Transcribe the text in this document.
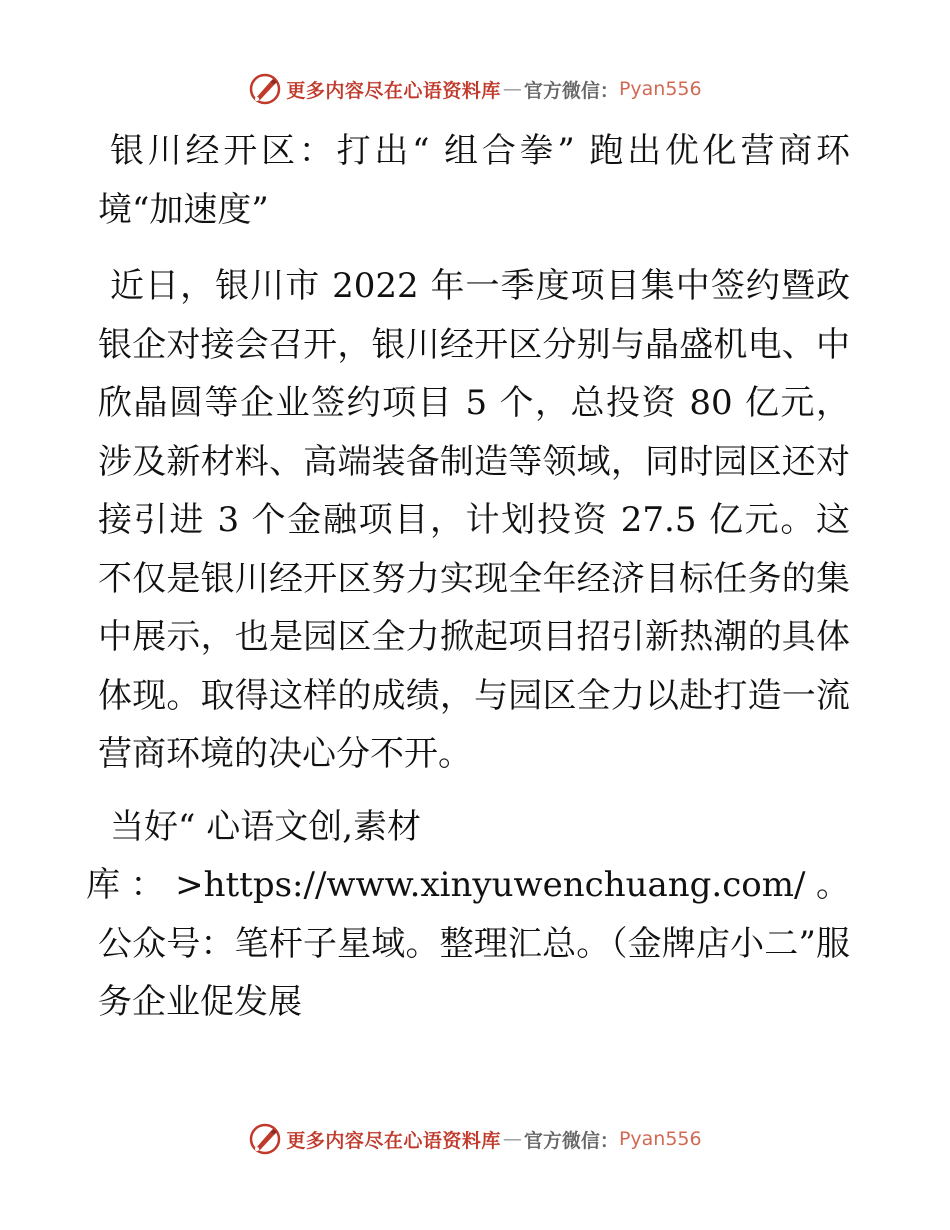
更多内容尽在心语资料库 — 官方微信： Pyan556
银川经开区：打出“ 组合拳” 跑出优化营商环境“加速度”
近日，银川市 2022 年一季度项目集中签约暨政银企对接会召开，银川经开区分别与晶盛机电、中欣晶圆等企业签约项目 5 个，总投资 80 亿元，涉及新材料、高端装备制造等领域，同时园区还对接引进 3 个金融项目，计划投资 27.5 亿元。这不仅是银川经开区努力实现全年经济目标任务的集中展示，也是园区全力掀起项目招引新热潮的具体体现。取得这样的成绩，与园区全力以赴打造一流营商环境的决心分不开。
当好“ 心语文创,素材
库：>https://www.xinyuwenchuang.com/。公众号：笔杆子星域。整理汇总。（金牌店小二”服务企业促发展
更多内容尽在心语资料库 — 官方微信： Pyan556
